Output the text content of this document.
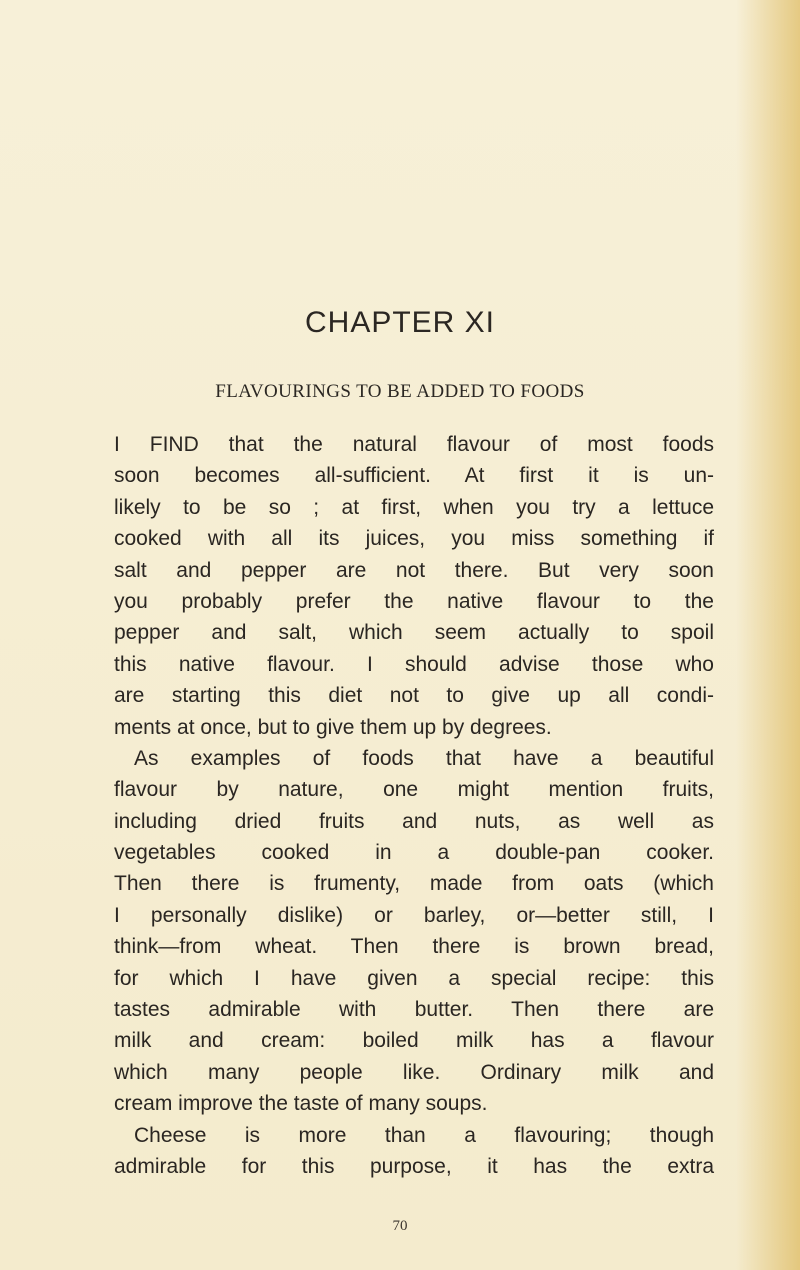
CHAPTER XI
FLAVOURINGS TO BE ADDED TO FOODS
I FIND that the natural flavour of most foods
soon becomes all-sufficient. At first it is un-
likely to be so ; at first, when you try a lettuce
cooked with all its juices, you miss something if
salt and pepper are not there. But very soon
you probably prefer the native flavour to the
pepper and salt, which seem actually to spoil
this native flavour. I should advise those who
are starting this diet not to give up all condi-
ments at once, but to give them up by degrees.
As examples of foods that have a beautiful
flavour by nature, one might mention fruits,
including dried fruits and nuts, as well as
vegetables cooked in a double-pan cooker.
Then there is frumenty, made from oats (which
I personally dislike) or barley, or—better still, I
think—from wheat. Then there is brown bread,
for which I have given a special recipe: this
tastes admirable with butter. Then there are
milk and cream: boiled milk has a flavour
which many people like. Ordinary milk and
cream improve the taste of many soups.
Cheese is more than a flavouring; though
admirable for this purpose, it has the extra
70
